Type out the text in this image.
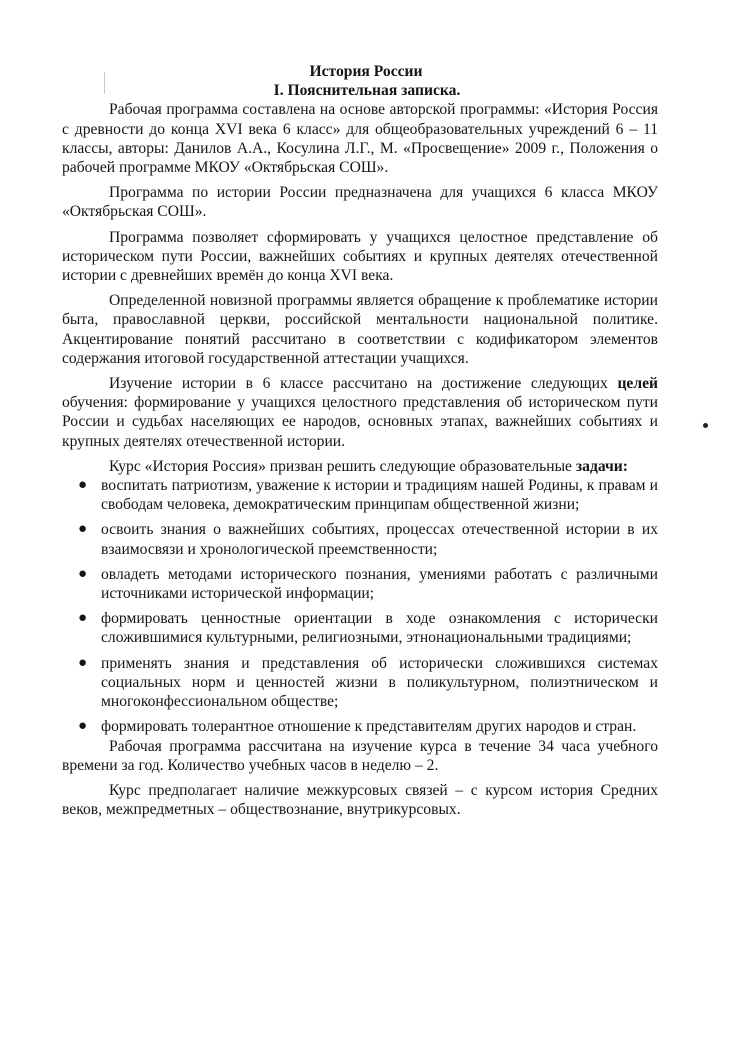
История России
I. Пояснительная записка.

Рабочая программа составлена на основе авторской программы: «История Россия с древности до конца XVI века 6 класс» для общеобразовательных учреждений 6 – 11 классы, авторы: Данилов А.А., Косулина Л.Г., М. «Просвещение» 2009 г., Положения о рабочей программе МКОУ «Октябрьская СОШ».

Программа по истории России предназначена для учащихся 6 класса МКОУ «Октябрьская СОШ».

Программа позволяет сформировать у учащихся целостное представление об историческом пути России, важнейших событиях и крупных деятелях отечественной истории с древнейших времён до конца XVI века.

Определенной новизной программы является обращение к проблематике истории быта, православной церкви, российской ментальности национальной политике. Акцентирование понятий рассчитано в соответствии с кодификатором элементов содержания итоговой государственной аттестации учащихся.

Изучение истории в 6 классе рассчитано на достижение следующих целей обучения: формирование у учащихся целостного представления об историческом пути России и судьбах населяющих ее народов, основных этапах, важнейших событиях и крупных деятелях отечественной истории.

Курс «История Россия» призван решить следующие образовательные задачи:

● воспитать патриотизм, уважение к истории и традициям нашей Родины, к правам и свободам человека, демократическим принципам общественной жизни;
● освоить знания о важнейших событиях, процессах отечественной истории в их взаимосвязи и хронологической преемственности;
● овладеть методами исторического познания, умениями работать с различными источниками исторической информации;
● формировать ценностные ориентации в ходе ознакомления с исторически сложившимися культурными, религиозными, этнонациональными традициями;
● применять знания и представления об исторически сложившихся системах социальных норм и ценностей жизни в поликультурном, полиэтническом и многоконфессиональном обществе;
● формировать толерантное отношение к представителям других народов и стран.

Рабочая программа рассчитана на изучение курса в течение 34 часа учебного времени за год. Количество учебных часов в неделю – 2.

Курс предполагает наличие межкурсовых связей – с курсом история Средних веков, межпредметных – обществознание, внутрикурсовых.
